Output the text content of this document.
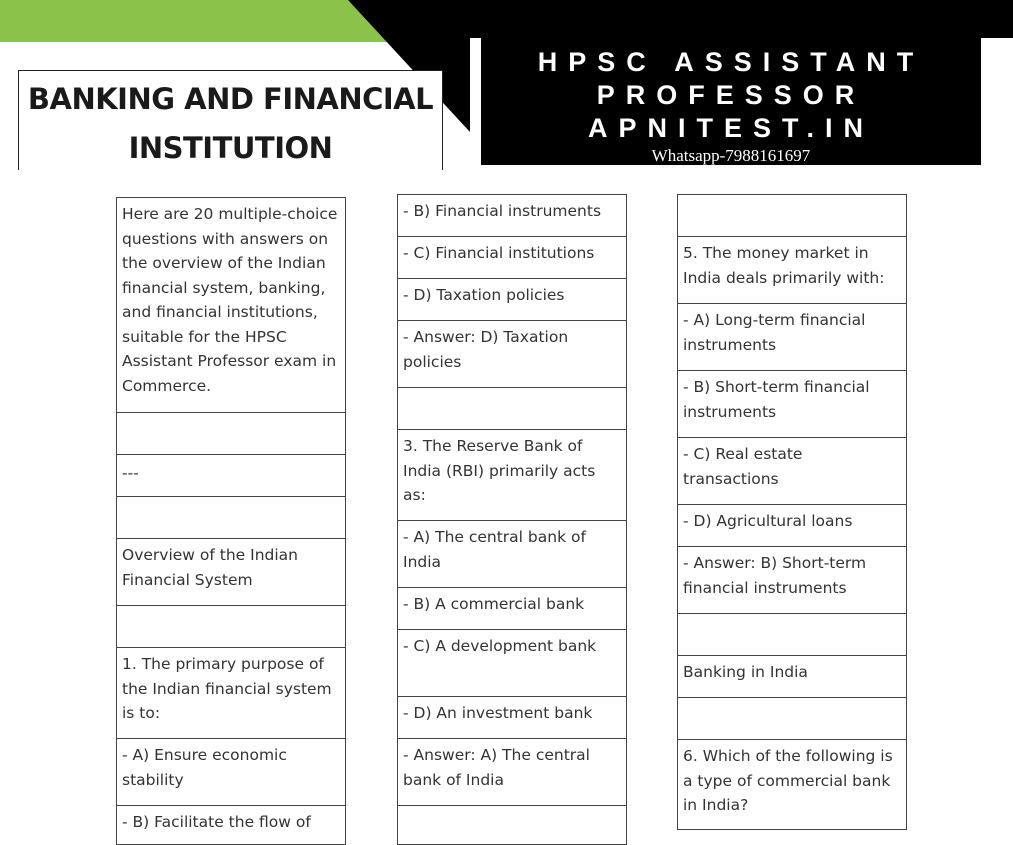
BANKING AND FINANCIAL
INSTITUTION
HPSC ASSISTANT
PROFESSOR
APNITEST.IN
Whatsapp-7988161697
Here are 20 multiple-choice questions with answers on the overview of the Indian financial system, banking, and financial institutions, suitable for the HPSC Assistant Professor exam in Commerce.
---
Overview of the Indian Financial System
1. The primary purpose of the Indian financial system is to:
- A) Ensure economic stability
- B) Facilitate the flow of
- B) Financial instruments
- C) Financial institutions
- D) Taxation policies
- Answer: D) Taxation policies
3. The Reserve Bank of India (RBI) primarily acts as:
- A) The central bank of India
- B) A commercial bank
- C) A development bank
- D) An investment bank
- Answer: A) The central bank of India
5. The money market in India deals primarily with:
- A) Long-term financial instruments
- B) Short-term financial instruments
- C) Real estate transactions
- D) Agricultural loans
- Answer: B) Short-term financial instruments
Banking in India
6. Which of the following is a type of commercial bank in India?
